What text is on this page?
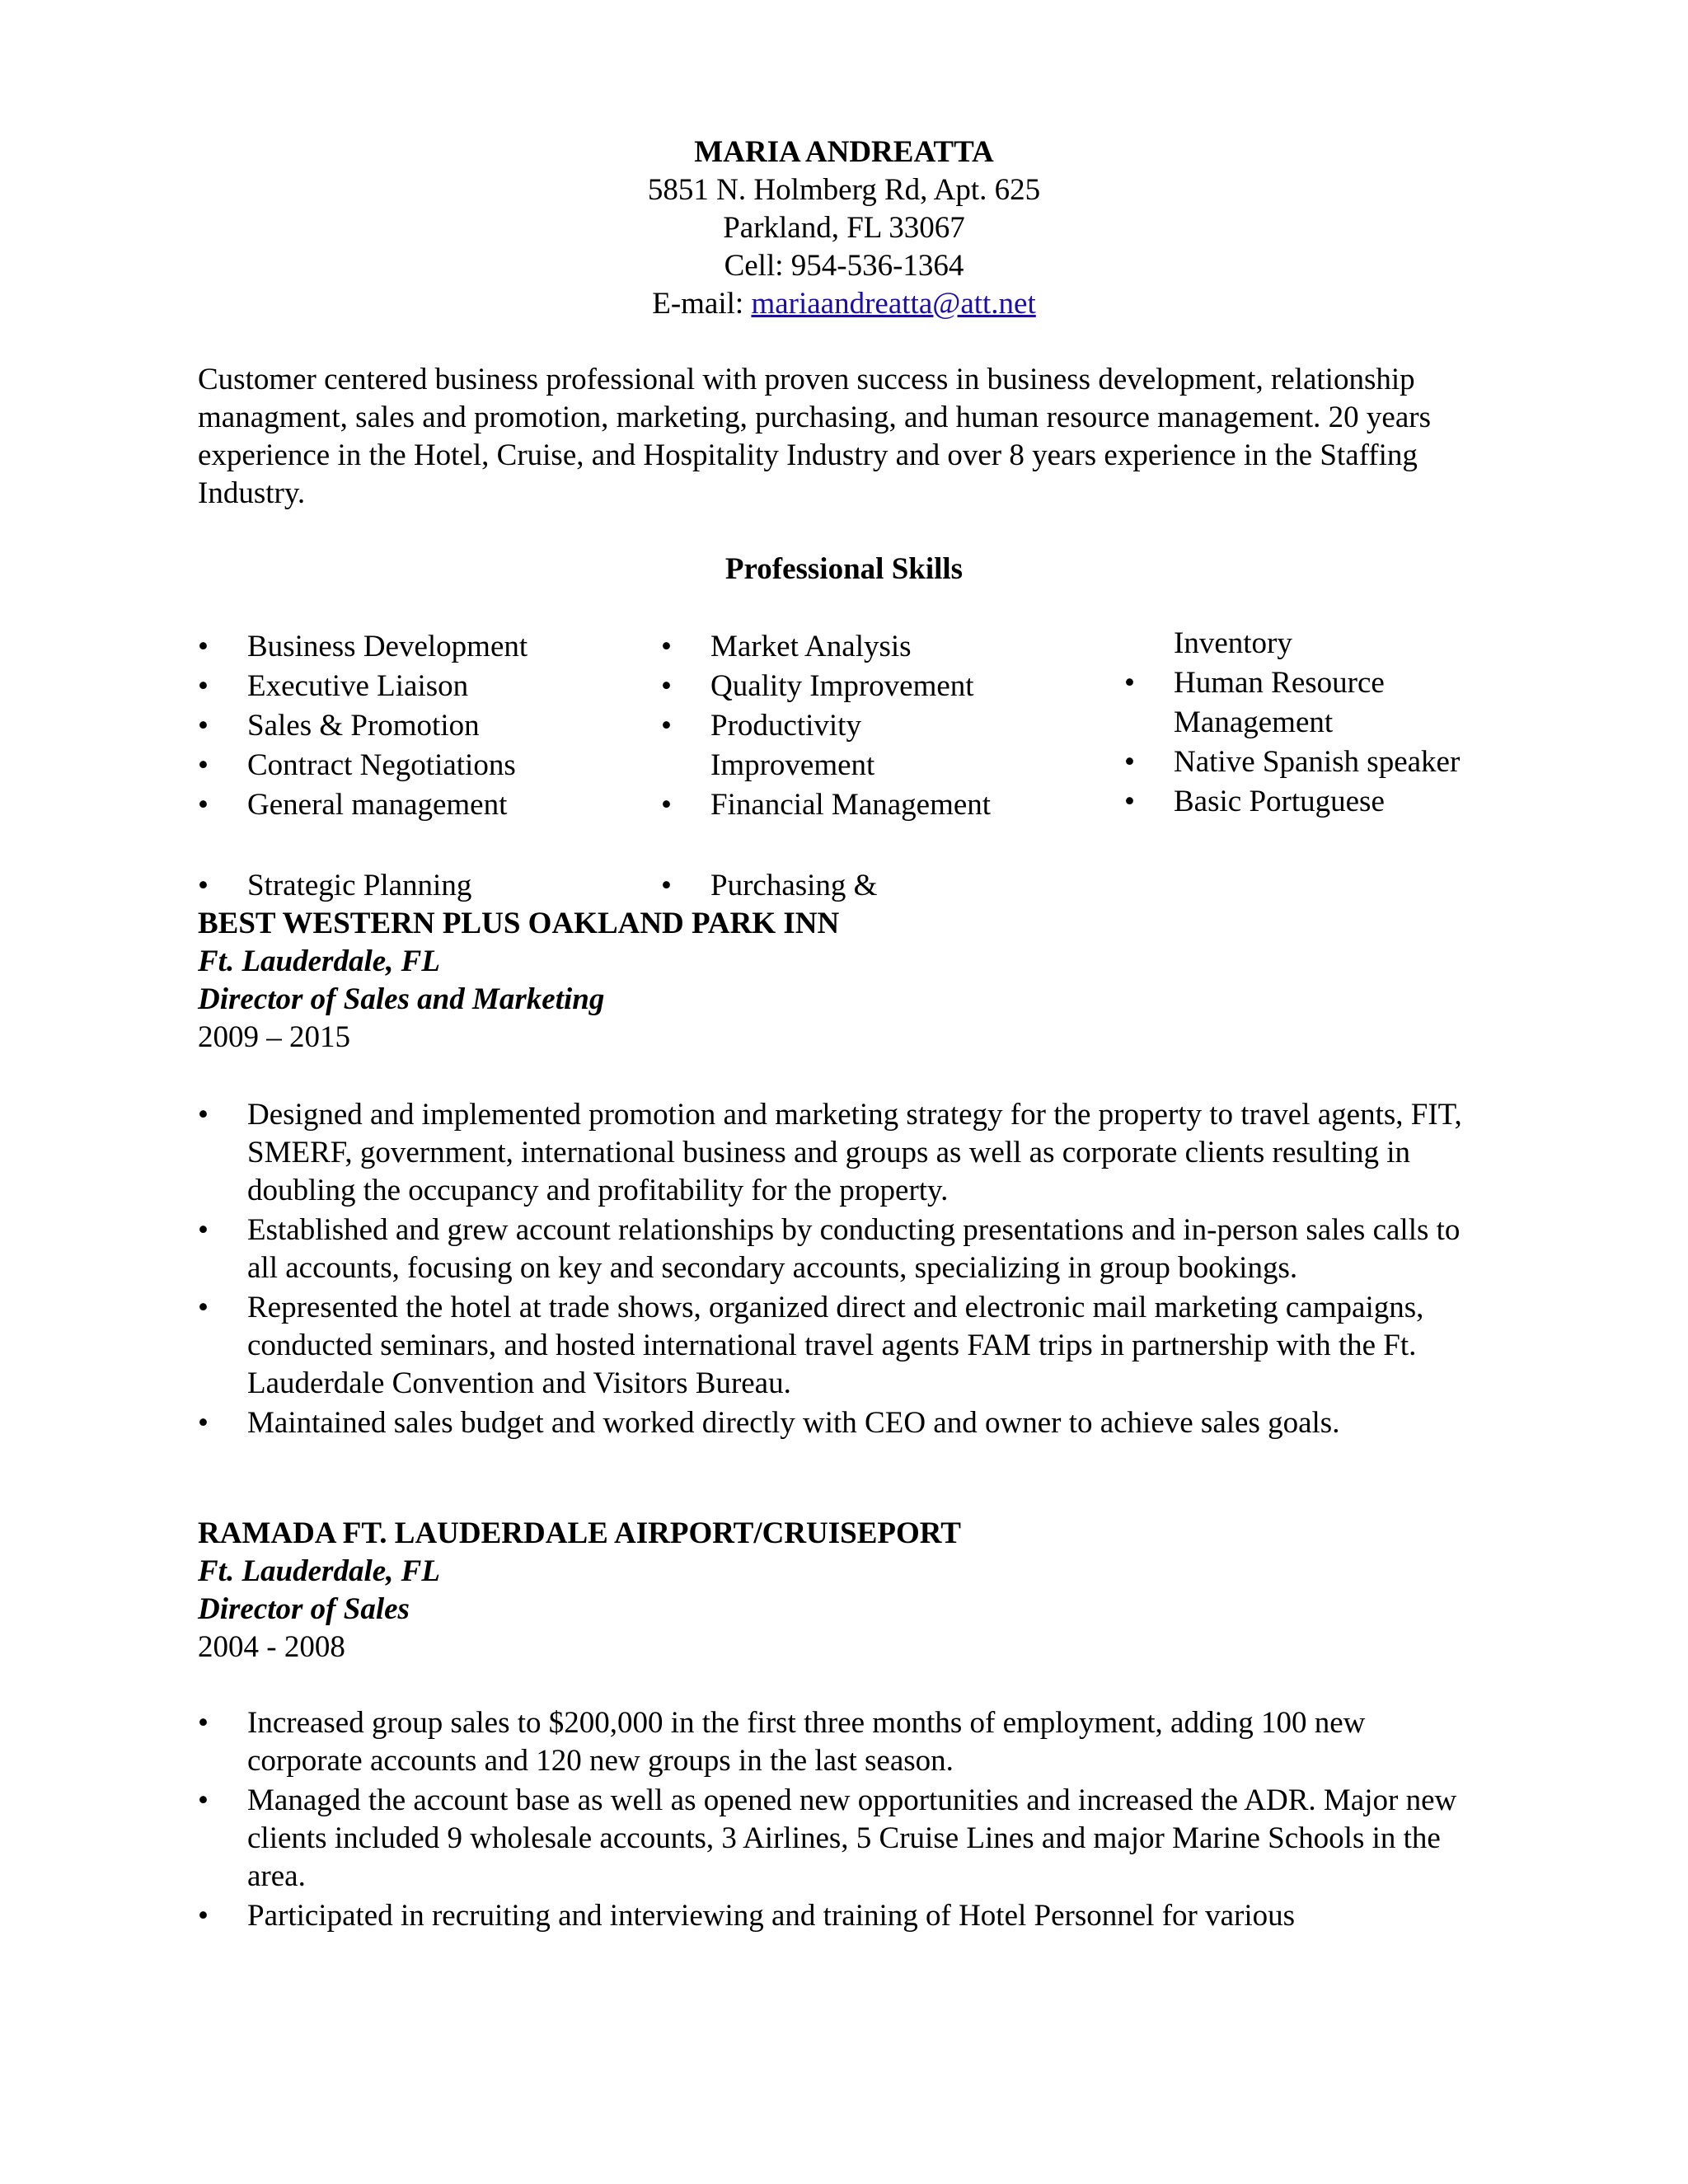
MARIA ANDREATTA
5851 N. Holmberg Rd, Apt. 625
Parkland, FL 33067
Cell: 954-536-1364
E-mail: mariaandreatta@att.net
Customer centered business professional with proven success in business development, relationship managment, sales and promotion, marketing, purchasing, and human resource management. 20 years experience in the Hotel, Cruise, and Hospitality Industry and over 8 years experience in the Staffing Industry.
Professional Skills
• Business Development
• Executive Liaison
• Sales & Promotion
• Contract Negotiations
• General management
• Market Analysis
• Quality Improvement
• Productivity
Improvement
• Financial Management
Inventory
• Human Resource
Management
• Native Spanish speaker
• Basic Portuguese
• Strategic Planning
•	Purchasing &
BEST WESTERN PLUS OAKLAND PARK INN
Ft. Lauderdale, FL
Director of Sales and Marketing
2009 – 2015
• Designed and implemented promotion and marketing strategy for the property to travel agents, FIT, SMERF, government, international business and groups as well as corporate clients resulting in doubling the occupancy and profitability for the property.
• Established and grew account relationships by conducting presentations and in-person sales calls to all accounts, focusing on key and secondary accounts, specializing in group bookings.
• Represented the hotel at trade shows, organized direct and electronic mail marketing campaigns, conducted seminars, and hosted international travel agents FAM trips in partnership with the Ft. Lauderdale Convention and Visitors Bureau.
• Maintained sales budget and worked directly with CEO and owner to achieve sales goals.
RAMADA FT. LAUDERDALE AIRPORT/CRUISEPORT
Ft. Lauderdale, FL
Director of Sales
2004 - 2008
• Increased group sales to $200,000 in the first three months of employment, adding 100 new corporate accounts and 120 new groups in the last season.
• Managed the account base as well as opened new opportunities and increased the ADR. Major new clients included 9 wholesale accounts, 3 Airlines, 5 Cruise Lines and major Marine Schools in the area.
• Participated in recruiting and interviewing and training of Hotel Personnel for various
